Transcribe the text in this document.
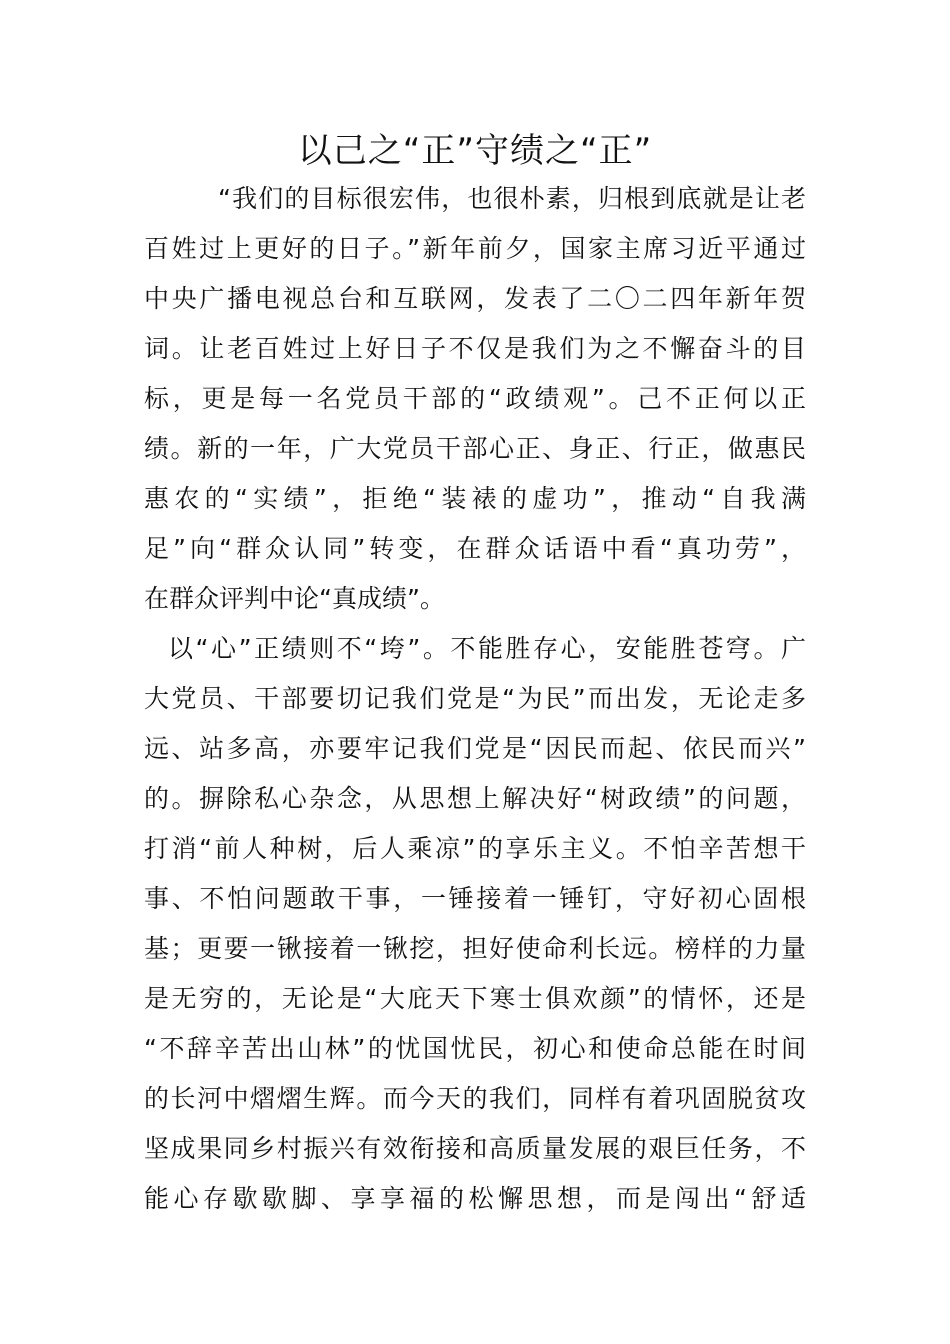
以己之“正”守绩之“正”
“我们的目标很宏伟，也很朴素，归根到底就是让老
百姓过上更好的日子。”新年前夕，国家主席习近平通过
中央广播电视总台和互联网，发表了二〇二四年新年贺
词。让老百姓过上好日子不仅是我们为之不懈奋斗的目
标，更是每一名党员干部的“政绩观”。己不正何以正
绩。新的一年，广大党员干部心正、身正、行正，做惠民
惠农的“实绩”，拒绝“装裱的虚功”，推动“自我满
足”向“群众认同”转变，在群众话语中看“真功劳”，
在群众评判中论“真成绩”。
以“心”正绩则不“垮”。不能胜存心，安能胜苍穹。广
大党员、干部要切记我们党是“为民”而出发，无论走多
远、站多高，亦要牢记我们党是“因民而起、依民而兴”
的。摒除私心杂念，从思想上解决好“树政绩”的问题，
打消“前人种树，后人乘凉”的享乐主义。不怕辛苦想干
事、不怕问题敢干事，一锤接着一锤钉，守好初心固根
基；更要一锹接着一锹挖，担好使命利长远。榜样的力量
是无穷的，无论是“大庇天下寒士俱欢颜”的情怀，还是
“不辞辛苦出山林”的忧国忧民，初心和使命总能在时间
的长河中熠熠生辉。而今天的我们，同样有着巩固脱贫攻
坚成果同乡村振兴有效衔接和高质量发展的艰巨任务，不
能心存歇歇脚、享享福的松懈思想，而是闯出“舒适
